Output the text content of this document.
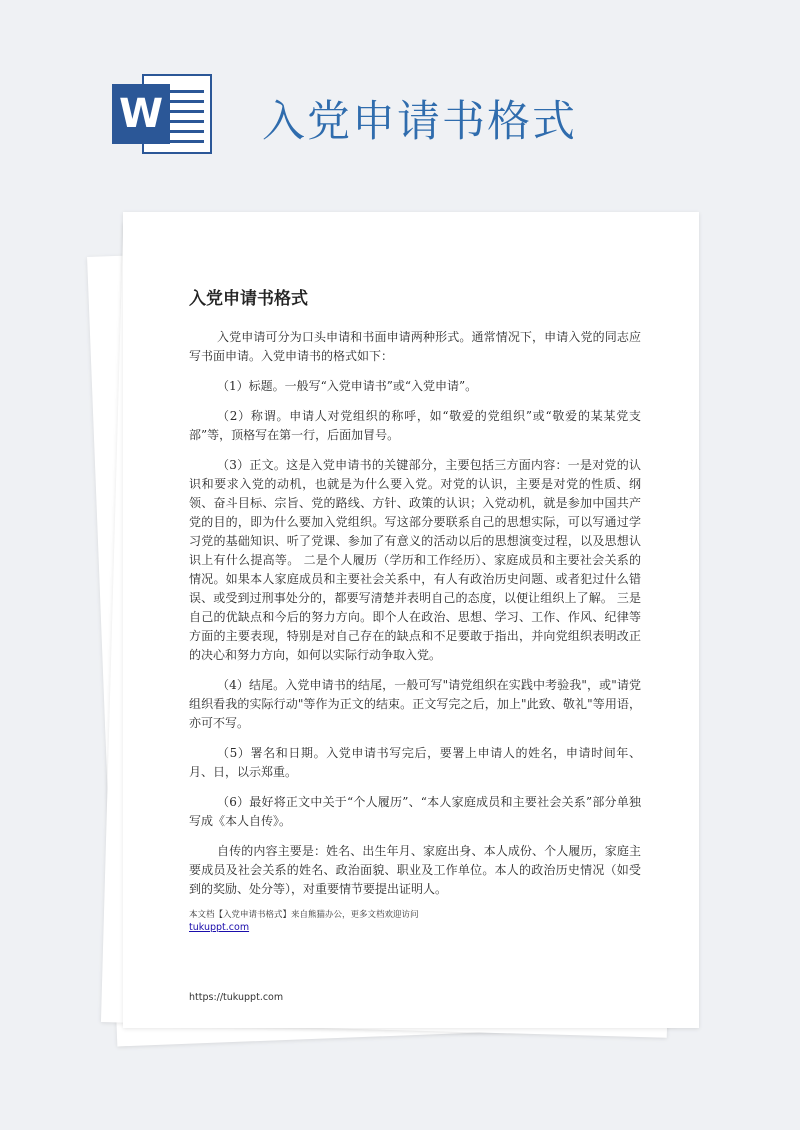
W 入党申请书格式
入党申请书格式

入党申请可分为口头申请和书面申请两种形式。通常情况下，申请入党的同志应写书面申请。入党申请书的格式如下：

（1）标题。一般写“入党申请书”或“入党申请”。

（2）称谓。申请人对党组织的称呼，如“敬爱的党组织”或“敬爱的某某党支部”等，顶格写在第一行，后面加冒号。

（3）正文。这是入党申请书的关键部分，主要包括三方面内容：一是对党的认识和要求入党的动机，也就是为什么要入党。对党的认识，主要是对党的性质、纲领、奋斗目标、宗旨、党的路线、方针、政策的认识；入党动机，就是参加中国共产党的目的，即为什么要加入党组织。写这部分要联系自己的思想实际，可以写通过学习党的基础知识、听了党课、参加了有意义的活动以后的思想演变过程，以及思想认识上有什么提高等。 二是个人履历（学历和工作经历）、家庭成员和主要社会关系的情况。如果本人家庭成员和主要社会关系中，有人有政治历史问题、或者犯过什么错误、或受到过刑事处分的，都要写清楚并表明自己的态度，以便让组织上了解。 三是自己的优缺点和今后的努力方向。即个人在政治、思想、学习、工作、作风、纪律等方面的主要表现，特别是对自己存在的缺点和不足要敢于指出，并向党组织表明改正的决心和努力方向，如何以实际行动争取入党。

（4）结尾。入党申请书的结尾，一般可写"请党组织在实践中考验我"，或"请党组织看我的实际行动"等作为正文的结束。正文写完之后，加上"此致、敬礼"等用语，亦可不写。

（5）署名和日期。入党申请书写完后，要署上申请人的姓名，申请时间年、月、日，以示郑重。

（6）最好将正文中关于“个人履历”、“本人家庭成员和主要社会关系”部分单独写成《本人自传》。

自传的内容主要是：姓名、出生年月、家庭出身、本人成份、个人履历，家庭主要成员及社会关系的姓名、政治面貌、职业及工作单位。本人的政治历史情况（如受到的奖励、处分等），对重要情节要提出证明人。

本文档【入党申请书格式】来自熊猫办公，更多文档欢迎访问
tukuppt.com
https://tukuppt.com
